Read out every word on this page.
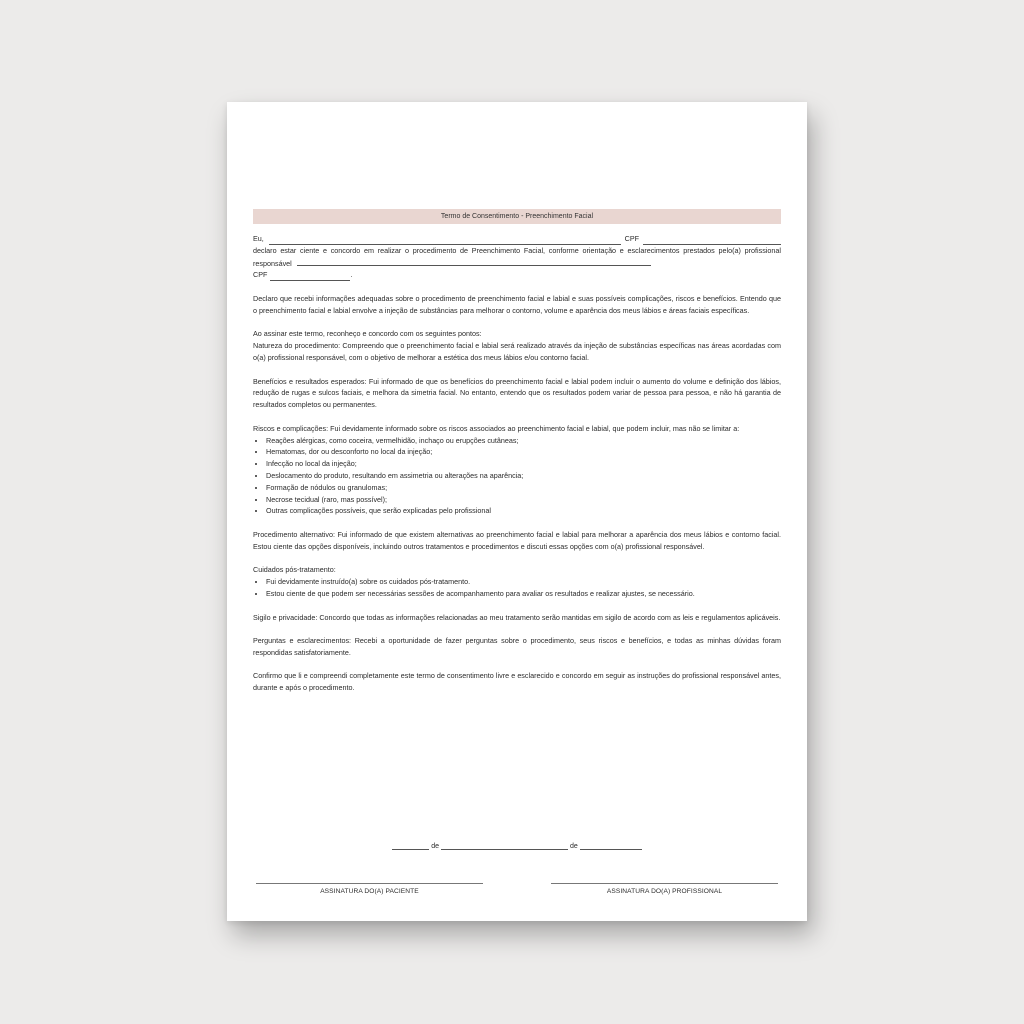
Termo de Consentimento - Preenchimento Facial
Eu,	CPF
declaro estar ciente e concordo em realizar o procedimento de Preenchimento Facial, conforme orientação e esclarecimentos prestados pelo(a) profissional responsável
CPF	.

Declaro que recebi informações adequadas sobre o procedimento de preenchimento facial e labial e suas possíveis complicações, riscos e benefícios. Entendo que o preenchimento facial e labial envolve a injeção de substâncias para melhorar o contorno, volume e aparência dos meus lábios e áreas faciais específicas.

Ao assinar este termo, reconheço e concordo com os seguintes pontos:

Natureza do procedimento: Compreendo que o preenchimento facial e labial será realizado através da injeção de substâncias específicas nas áreas acordadas com o(a) profissional responsável, com o objetivo de melhorar a estética dos meus lábios e/ou contorno facial.

Benefícios e resultados esperados: Fui informado de que os benefícios do preenchimento facial e labial podem incluir o aumento do volume e definição dos lábios, redução de rugas e sulcos faciais, e melhora da simetria facial. No entanto, entendo que os resultados podem variar de pessoa para pessoa, e não há garantia de resultados completos ou permanentes.

Riscos e complicações: Fui devidamente informado sobre os riscos associados ao preenchimento facial e labial, que podem incluir, mas não se limitar a:
• Reações alérgicas, como coceira, vermelhidão, inchaço ou erupções cutâneas;
• Hematomas, dor ou desconforto no local da injeção;
• Infecção no local da injeção;
• Deslocamento do produto, resultando em assimetria ou alterações na aparência;
• Formação de nódulos ou granulomas;
• Necrose tecidual (raro, mas possível);
• Outras complicações possíveis, que serão explicadas pelo profissional

Procedimento alternativo: Fui informado de que existem alternativas ao preenchimento facial e labial para melhorar a aparência dos meus lábios e contorno facial. Estou ciente das opções disponíveis, incluindo outros tratamentos e procedimentos e discuti essas opções com o(a) profissional responsável.

Cuidados pós-tratamento:
• Fui devidamente instruído(a) sobre os cuidados pós-tratamento.
• Estou ciente de que podem ser necessárias sessões de acompanhamento para avaliar os resultados e realizar ajustes, se necessário.

Sigilo e privacidade: Concordo que todas as informações relacionadas ao meu tratamento serão mantidas em sigilo de acordo com as leis e regulamentos aplicáveis.

Perguntas e esclarecimentos: Recebi a oportunidade de fazer perguntas sobre o procedimento, seus riscos e benefícios, e todas as minhas dúvidas foram respondidas satisfatoriamente.

Confirmo que li e compreendi completamente este termo de consentimento livre e esclarecido e concordo em seguir as instruções do profissional responsável antes, durante e após o procedimento.

de	de
ASSINATURA DO(A) PACIENTE	ASSINATURA DO(A) PROFISSIONAL
